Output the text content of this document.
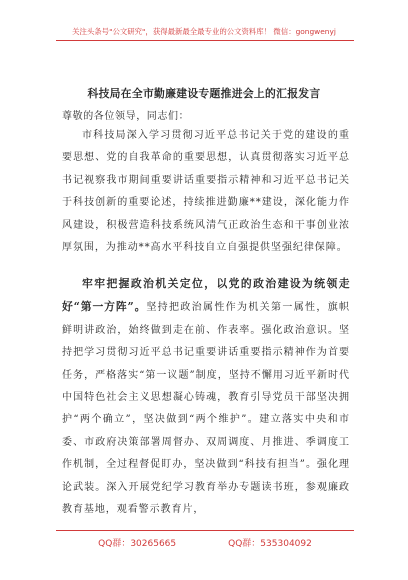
关注头条号"公文研究"，获得最新最全最专业的公文资料库！ 微信：gongwenyj
科技局在全市勤廉建设专题推进会上的汇报发言
尊敬的各位领导，同志们：

市科技局深入学习贯彻习近平总书记关于党的建设的重要思想、党的自我革命的重要思想，认真贯彻落实习近平总书记视察我市期间重要讲话重要指示精神和习近平总书记关于科技创新的重要论述，持续推进勤廉**建设，深化能力作风建设，积极营造科技系统风清气正政治生态和干事创业浓厚氛围，为推动**高水平科技自立自强提供坚强纪律保障。

牢牢把握政治机关定位，以党的政治建设为统领走好“第一方阵”。坚持把政治属性作为机关第一属性，旗帜鲜明讲政治，始终做到走在前、作表率。强化政治意识。坚持把学习贯彻习近平总书记重要讲话重要指示精神作为首要任务，严格落实“第一议题”制度，坚持不懈用习近平新时代中国特色社会主义思想凝心铸魂，教育引导党员干部坚决拥护“两个确立”，坚决做到“两个维护”。建立落实中央和市委、市政府决策部署周督办、双周调度、月推进、季调度工作机制，全过程督促盯办，坚决做到“科技有担当”。强化理论武装。深入开展党纪学习教育举办专题读书班，参观廉政教育基地，观看警示教育片，

QQ群：30265665	QQ群：535304092
